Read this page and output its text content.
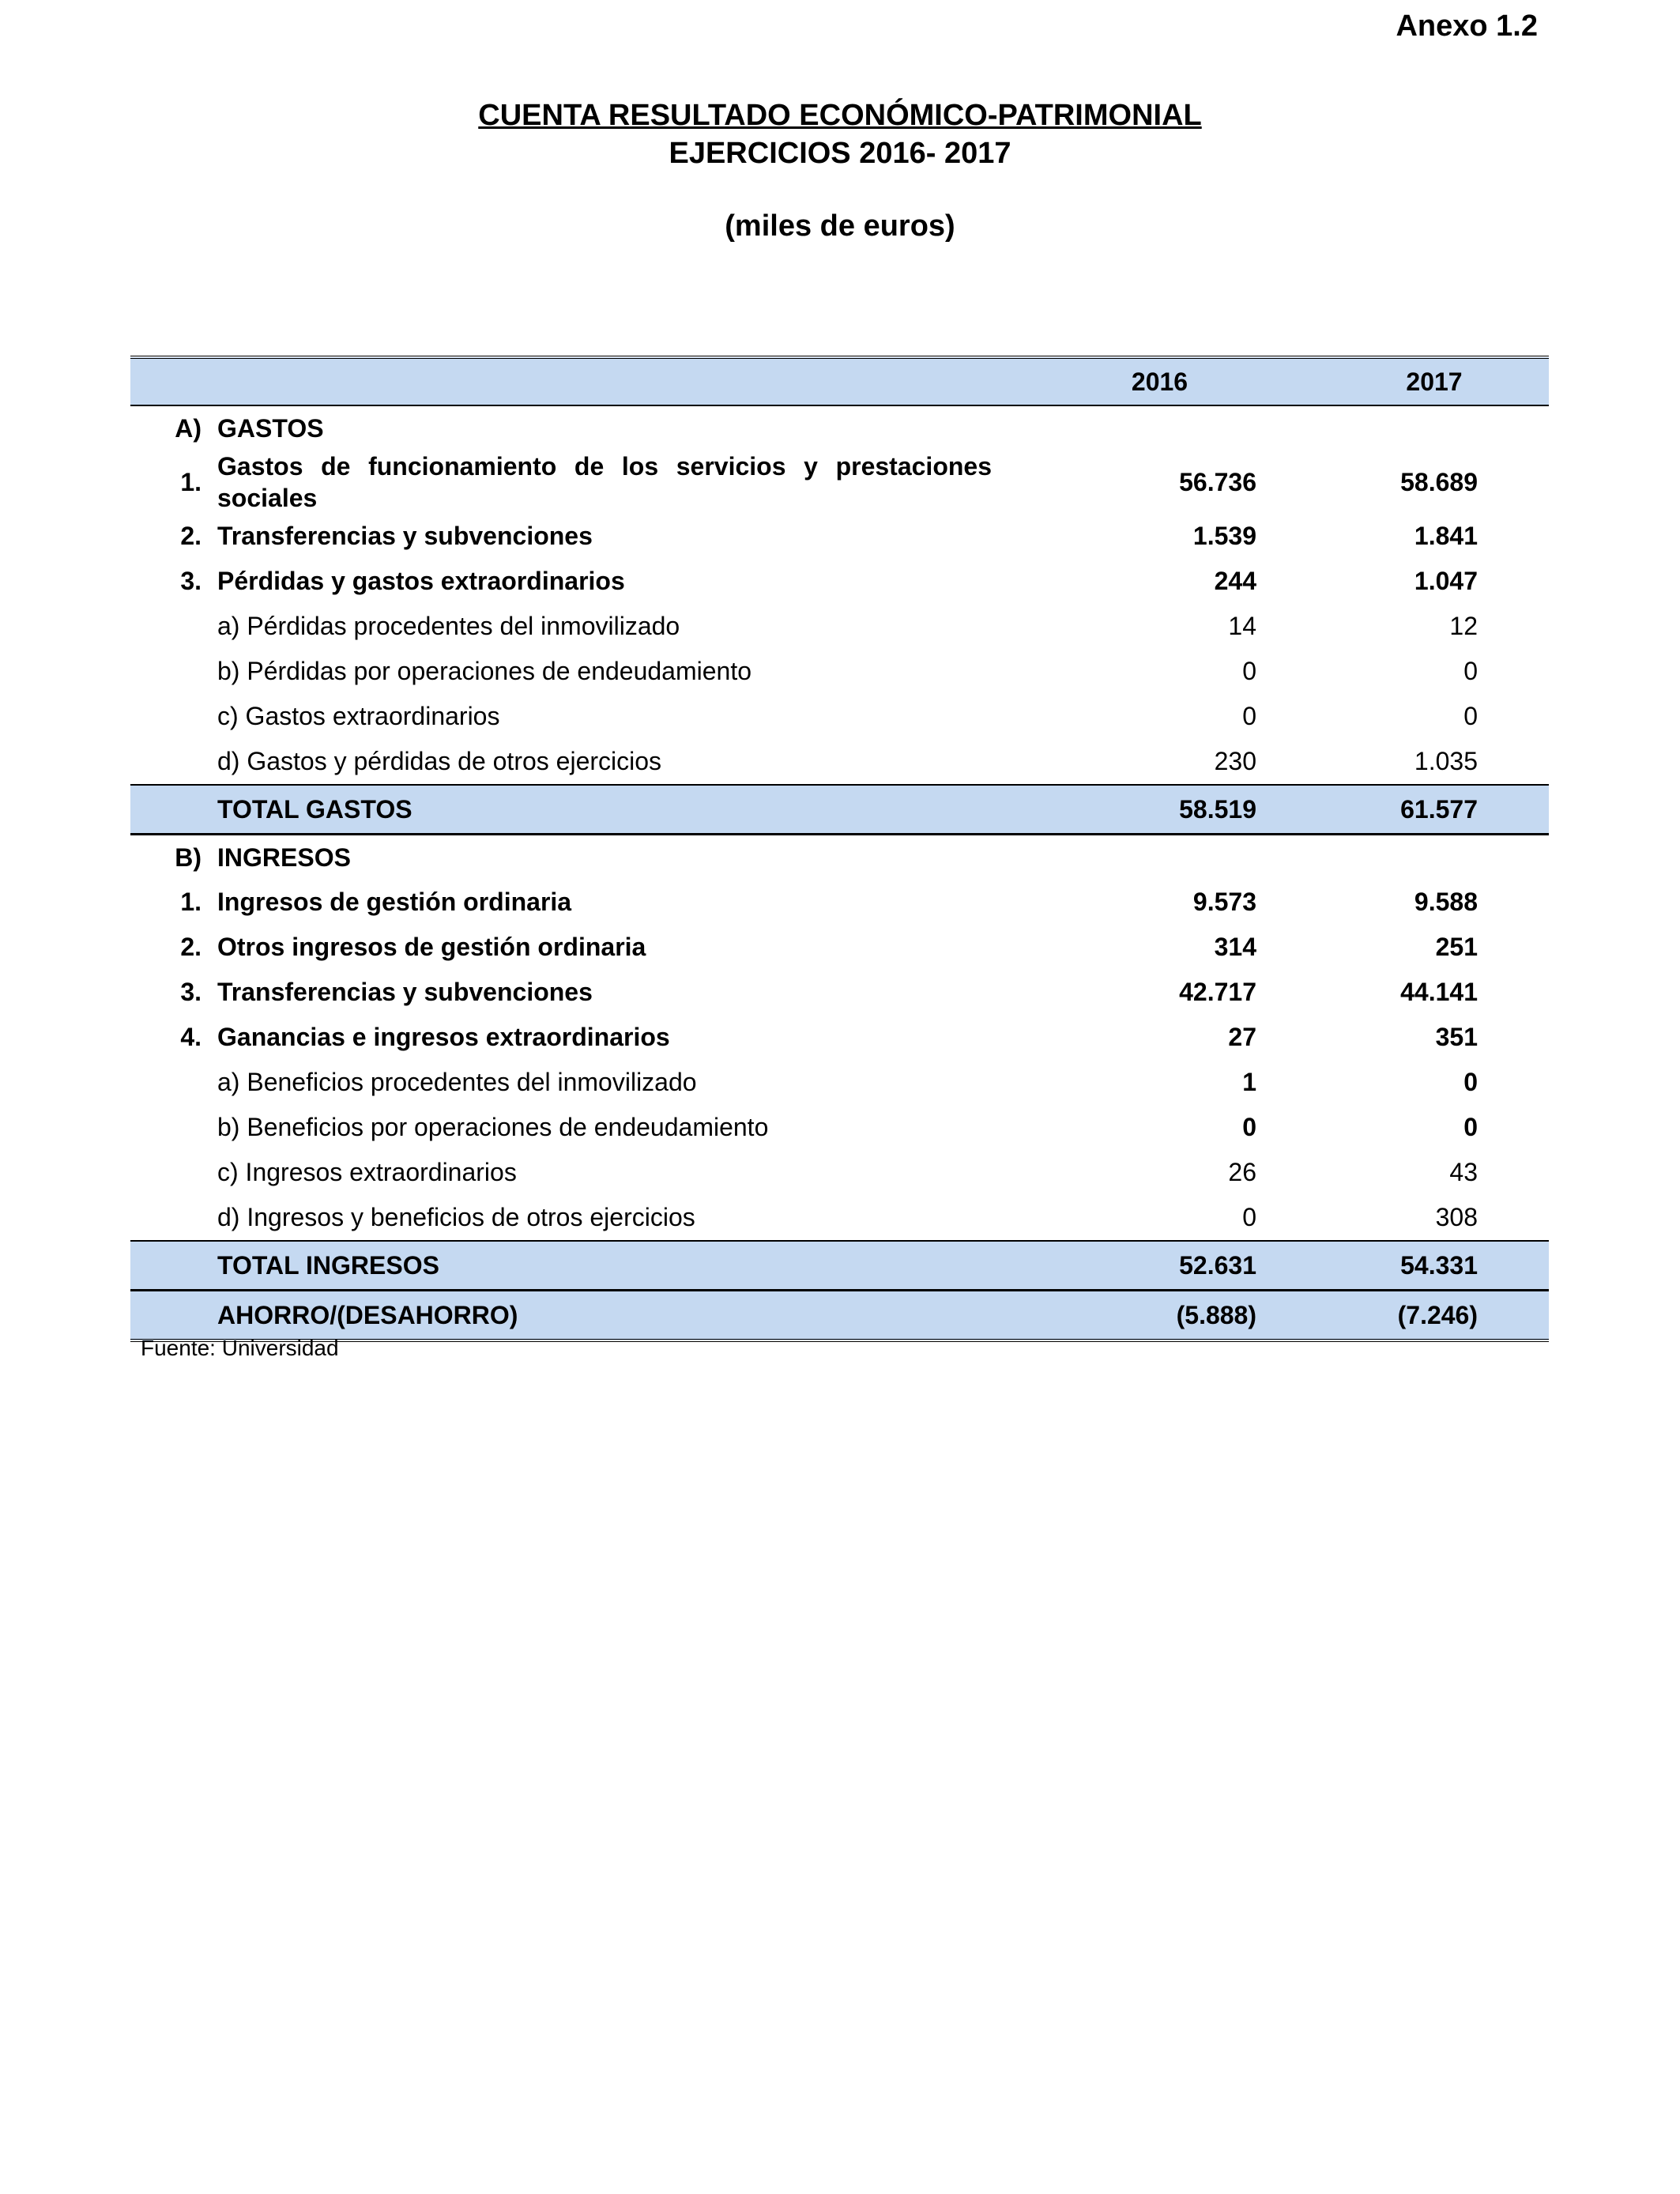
Anexo 1.2
CUENTA RESULTADO ECONÓMICO-PATRIMONIAL
EJERCICIOS 2016- 2017
(miles de euros)
		2016	2017
A)	GASTOS		
1.	Gastos de funcionamiento de los servicios y prestaciones sociales	56.736	58.689
2.	Transferencias y subvenciones	1.539	1.841
3.	Pérdidas y gastos extraordinarios	244	1.047
	a) Pérdidas procedentes del inmovilizado	14	12
	b) Pérdidas por operaciones de endeudamiento	0	0
	c) Gastos extraordinarios	0	0
	d) Gastos y pérdidas de otros ejercicios	230	1.035
	TOTAL GASTOS	58.519	61.577
B)	INGRESOS		
1.	Ingresos de gestión ordinaria	9.573	9.588
2.	Otros ingresos de gestión ordinaria	314	251
3.	Transferencias y subvenciones	42.717	44.141
4.	Ganancias e ingresos extraordinarios	27	351
	a) Beneficios procedentes del inmovilizado	1	0
	b) Beneficios por operaciones de endeudamiento	0	0
	c) Ingresos extraordinarios	26	43
	d) Ingresos y beneficios de otros ejercicios	0	308
	TOTAL INGRESOS	52.631	54.331
	AHORRO/(DESAHORRO)	(5.888)	(7.246)
Fuente: Universidad
